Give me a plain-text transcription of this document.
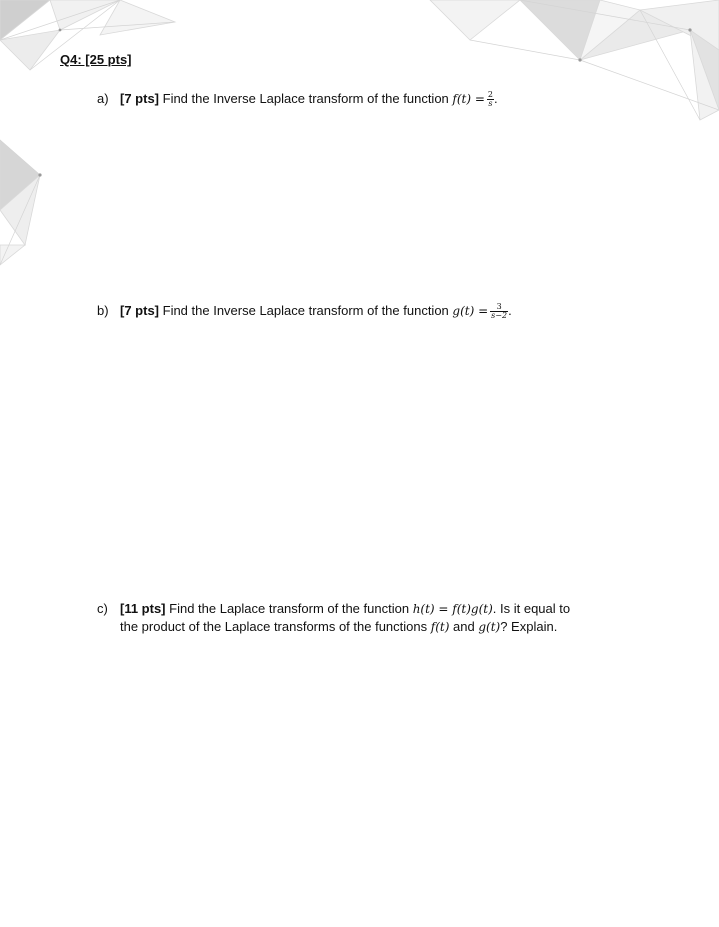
Q4: [25 pts]
a) [7 pts] Find the Inverse Laplace transform of the function $f(t) = \frac{2}{s}$ .
b) [7 pts] Find the Inverse Laplace transform of the function $g(t) = \frac{3}{s-2}$ .
c) [11 pts] Find the Laplace transform of the function h(t) = f(t)g(t). Is it equal to
the product of the Laplace transforms of the functions f(t) and g(t)? Explain.
